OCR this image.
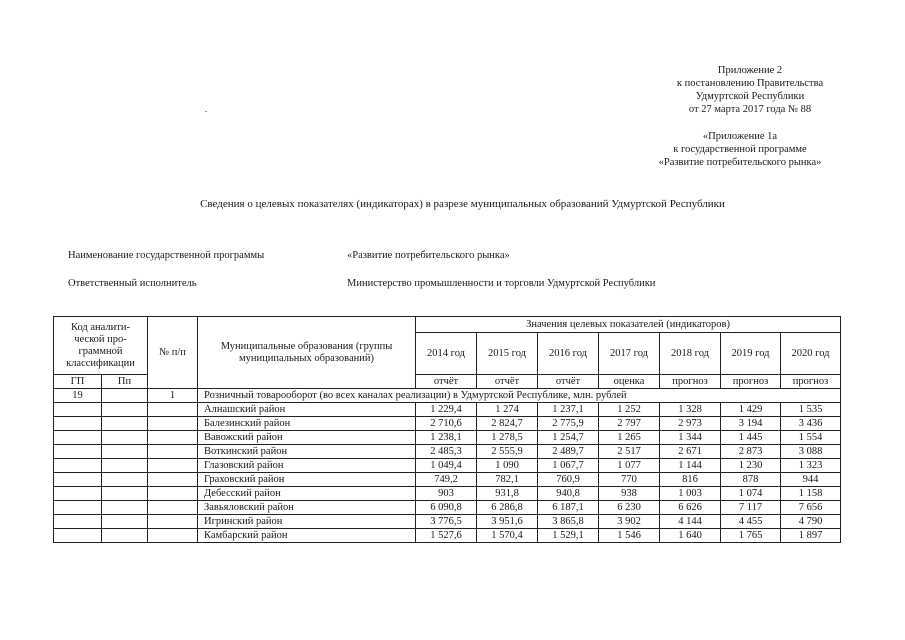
Приложение 2
к постановлению Правительства
Удмуртской Республики
от 27 марта 2017 года № 88
«Приложение 1а
к государственной программе
«Развитие потребительского рынка»
Сведения о целевых показателях (индикаторах) в разрезе муниципальных образований Удмуртской Республики
Наименование государственной программы	«Развитие потребительского рынка»
Ответственный исполнитель	Министерство промышленности и торговли Удмуртской Республики
Код аналити-ческой про-граммной классификации		№ п/п	Муниципальные образования (группы муниципальных образований)	Значения целевых показателей (индикаторов)						
				2014 год	2015 год	2016 год	2017 год	2018 год	2019 год	2020 год
ГП	Пп			отчёт	отчёт	отчёт	оценка	прогноз	прогноз	прогноз
19		1	Розничный товарооборот (во всех каналах реализации) в Удмуртской Республике, млн. рублей							
			Алнашский район	1 229,4	1 274	1 237,1	1 252	1 328	1 429	1 535
			Балезинский район	2 710,6	2 824,7	2 775,9	2 797	2 973	3 194	3 436
			Вавожский район	1 238,1	1 278,5	1 254,7	1 265	1 344	1 445	1 554
			Воткинский район	2 485,3	2 555,9	2 489,7	2 517	2 671	2 873	3 088
			Глазовский район	1 049,4	1 090	1 067,7	1 077	1 144	1 230	1 323
			Граховский район	749,2	782,1	760,9	770	816	878	944
			Дебесский район	903	931,8	940,8	938	1 003	1 074	1 158
			Завьяловский район	6 090,8	6 286,8	6 187,1	6 230	6 626	7 117	7 656
			Игринский район	3 776,5	3 951,6	3 865,8	3 902	4 144	4 455	4 790
			Камбарский район	1 527,6	1 570,4	1 529,1	1 546	1 640	1 765	1 897
